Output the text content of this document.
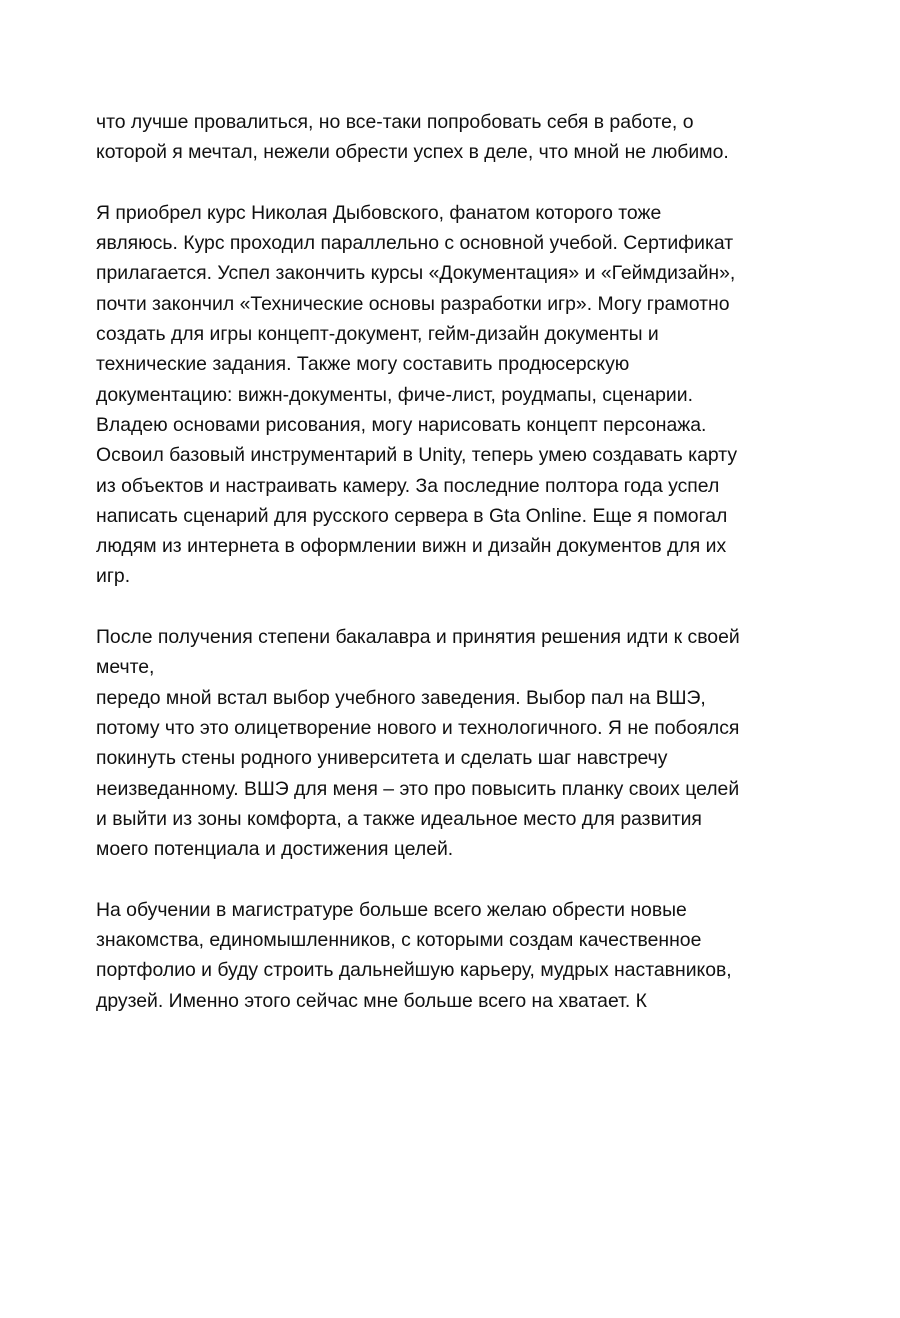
что лучше провалиться, но все-таки попробовать себя в работе, о
которой я мечтал, нежели обрести успех в деле, что мной не любимо.

Я приобрел курс Николая Дыбовского, фанатом которого тоже
являюсь. Курс проходил параллельно с основной учебой. Сертификат
прилагается. Успел закончить курсы «Документация» и «Геймдизайн»,
почти закончил «Технические основы разработки игр». Могу грамотно
создать для игры концепт-документ, гейм-дизайн документы и
технические задания. Также могу составить продюсерскую
документацию: вижн-документы, фиче-лист, роудмапы, сценарии.
Владею основами рисования, могу нарисовать концепт персонажа.
Освоил базовый инструментарий в Unity, теперь умею создавать карту
из объектов и настраивать камеру. За последние полтора года успел
написать сценарий для русского сервера в Gta Online. Еще я помогал
людям из интернета в оформлении вижн и дизайн документов для их
игр.

После получения степени бакалавра и принятия решения идти к своей
мечте,
передо мной встал выбор учебного заведения. Выбор пал на ВШЭ,
потому что это олицетворение нового и технологичного. Я не побоялся
покинуть стены родного университета и сделать шаг навстречу
неизведанному. ВШЭ для меня – это про повысить планку своих целей
и выйти из зоны комфорта, а также идеальное место для развития
моего потенциала и достижения целей.

На обучении в магистратуре больше всего желаю обрести новые
знакомства, единомышленников, с которыми создам качественное
портфолио и буду строить дальнейшую карьеру, мудрых наставников,
друзей. Именно этого сейчас мне больше всего на хватает. К
